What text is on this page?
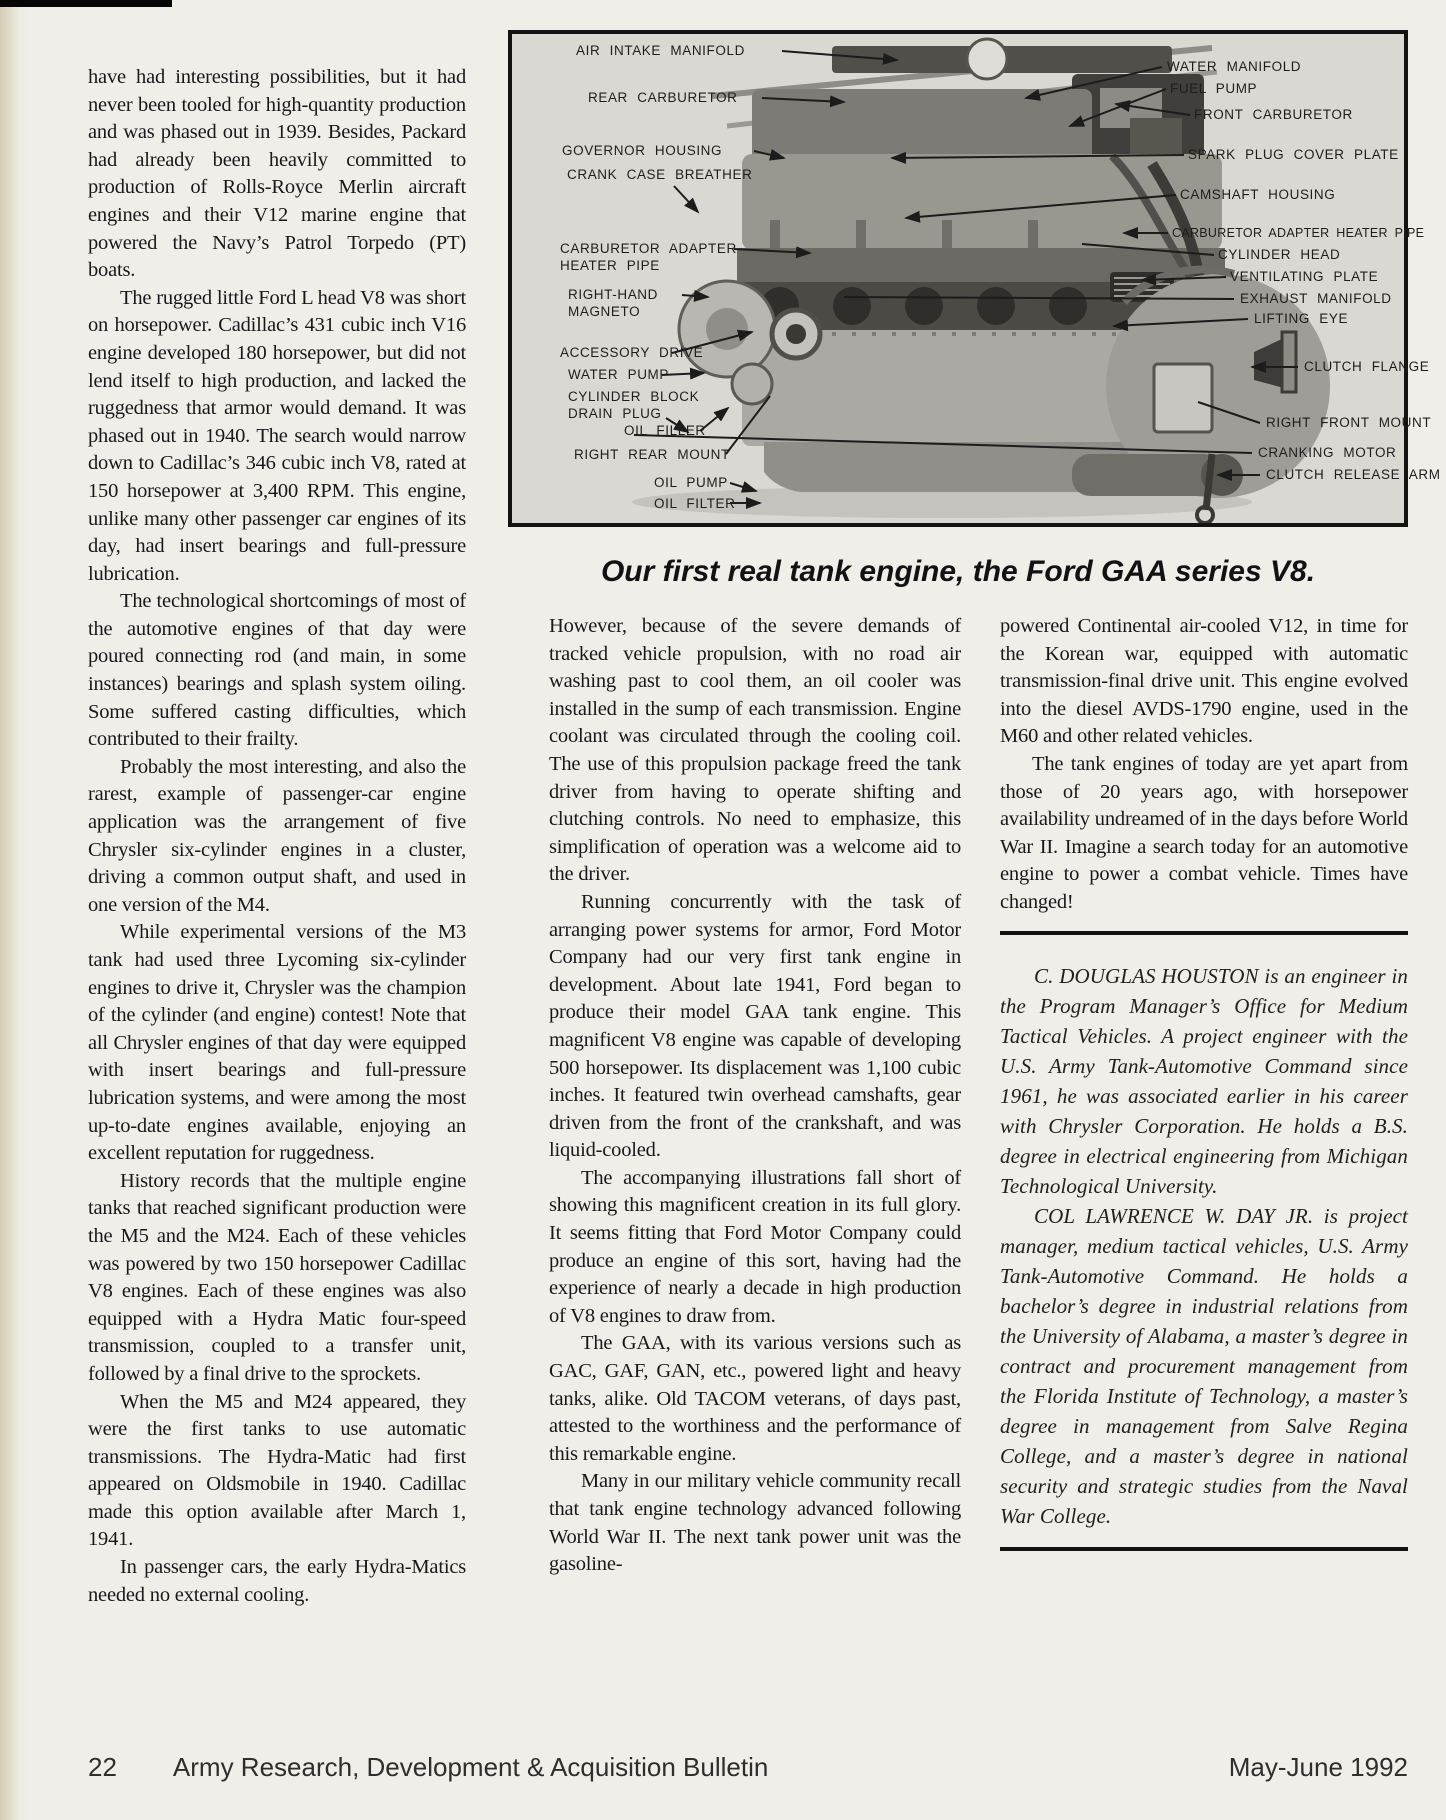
have had interesting possibilities, but it had never been tooled for high-quantity production and was phased out in 1939. Besides, Packard had already been heavily committed to production of Rolls-Royce Merlin aircraft engines and their V12 marine engine that powered the Navy’s Patrol Torpedo (PT) boats.

The rugged little Ford L head V8 was short on horsepower. Cadillac’s 431 cubic inch V16 engine developed 180 horsepower, but did not lend itself to high production, and lacked the ruggedness that armor would demand. It was phased out in 1940. The search would narrow down to Cadillac’s 346 cubic inch V8, rated at 150 horsepower at 3,400 RPM. This engine, unlike many other passenger car engines of its day, had insert bearings and full-pressure lubrication.

The technological shortcomings of most of the automotive engines of that day were poured connecting rod (and main, in some instances) bearings and splash system oiling. Some suffered casting difficulties, which contributed to their frailty.

Probably the most interesting, and also the rarest, example of passenger-car engine application was the arrangement of five Chrysler six-cylinder engines in a cluster, driving a common output shaft, and used in one version of the M4.

While experimental versions of the M3 tank had used three Lycoming six-cylinder engines to drive it, Chrysler was the champion of the cylinder (and engine) contest! Note that all Chrysler engines of that day were equipped with insert bearings and full-pressure lubrication systems, and were among the most up-to-date engines available, enjoying an excellent reputation for ruggedness.

History records that the multiple engine tanks that reached significant production were the M5 and the M24. Each of these vehicles was powered by two 150 horsepower Cadillac V8 engines. Each of these engines was also equipped with a Hydra Matic four-speed transmission, coupled to a transfer unit, followed by a final drive to the sprockets.

When the M5 and M24 appeared, they were the first tanks to use automatic transmissions. The Hydra-Matic had first appeared on Oldsmobile in 1940. Cadillac made this option available after March 1, 1941.

In passenger cars, the early Hydra-Matics needed no external cooling.

AIR INTAKE MANIFOLD
REAR CARBURETOR
GOVERNOR HOUSING
CRANK CASE BREATHER
CARBURETOR ADAPTER HEATER PIPE
RIGHT-HAND MAGNETO
ACCESSORY DRIVE
WATER PUMP
CYLINDER BLOCK DRAIN PLUG
OIL FILLER
RIGHT REAR MOUNT
OIL PUMP
OIL FILTER
WATER MANIFOLD
FUEL PUMP
FRONT CARBURETOR
SPARK PLUG COVER PLATE
CAMSHAFT HOUSING
CARBURETOR ADAPTER HEATER PIPE
CYLINDER HEAD
VENTILATING PLATE
EXHAUST MANIFOLD
LIFTING EYE
CLUTCH FLANGE
RIGHT FRONT MOUNT
CRANKING MOTOR
CLUTCH RELEASE ARM
Our first real tank engine, the Ford GAA series V8.

However, because of the severe demands of tracked vehicle propulsion, with no road air washing past to cool them, an oil cooler was installed in the sump of each transmission. Engine coolant was circulated through the cooling coil. The use of this propulsion package freed the tank driver from having to operate shifting and clutching controls. No need to emphasize, this simplification of operation was a welcome aid to the driver.

Running concurrently with the task of arranging power systems for armor, Ford Motor Company had our very first tank engine in development. About late 1941, Ford began to produce their model GAA tank engine. This magnificent V8 engine was capable of developing 500 horsepower. Its displacement was 1,100 cubic inches. It featured twin overhead camshafts, gear driven from the front of the crankshaft, and was liquid-cooled.

The accompanying illustrations fall short of showing this magnificent creation in its full glory. It seems fitting that Ford Motor Company could produce an engine of this sort, having had the experience of nearly a decade in high production of V8 engines to draw from.

The GAA, with its various versions such as GAC, GAF, GAN, etc., powered light and heavy tanks, alike. Old TACOM veterans, of days past, attested to the worthiness and the performance of this remarkable engine.

Many in our military vehicle community recall that tank engine technology advanced following World War II. The next tank power unit was the gasoline-

powered Continental air-cooled V12, in time for the Korean war, equipped with automatic transmission-final drive unit. This engine evolved into the diesel AVDS-1790 engine, used in the M60 and other related vehicles.

The tank engines of today are yet apart from those of 20 years ago, with horsepower availability undreamed of in the days before World War II. Imagine a search today for an automotive engine to power a combat vehicle. Times have changed!

C. DOUGLAS HOUSTON is an engineer in the Program Manager’s Office for Medium Tactical Vehicles. A project engineer with the U.S. Army Tank-Automotive Command since 1961, he was associated earlier in his career with Chrysler Corporation. He holds a B.S. degree in electrical engineering from Michigan Technological University.

COL LAWRENCE W. DAY JR. is project manager, medium tactical vehicles, U.S. Army Tank-Automotive Command. He holds a bachelor’s degree in industrial relations from the University of Alabama, a master’s degree in contract and procurement management from the Florida Institute of Technology, a master’s degree in management from Salve Regina College, and a master’s degree in national security and strategic studies from the Naval War College.

22 Army Research, Development & Acquisition Bulletin	May-June 1992
